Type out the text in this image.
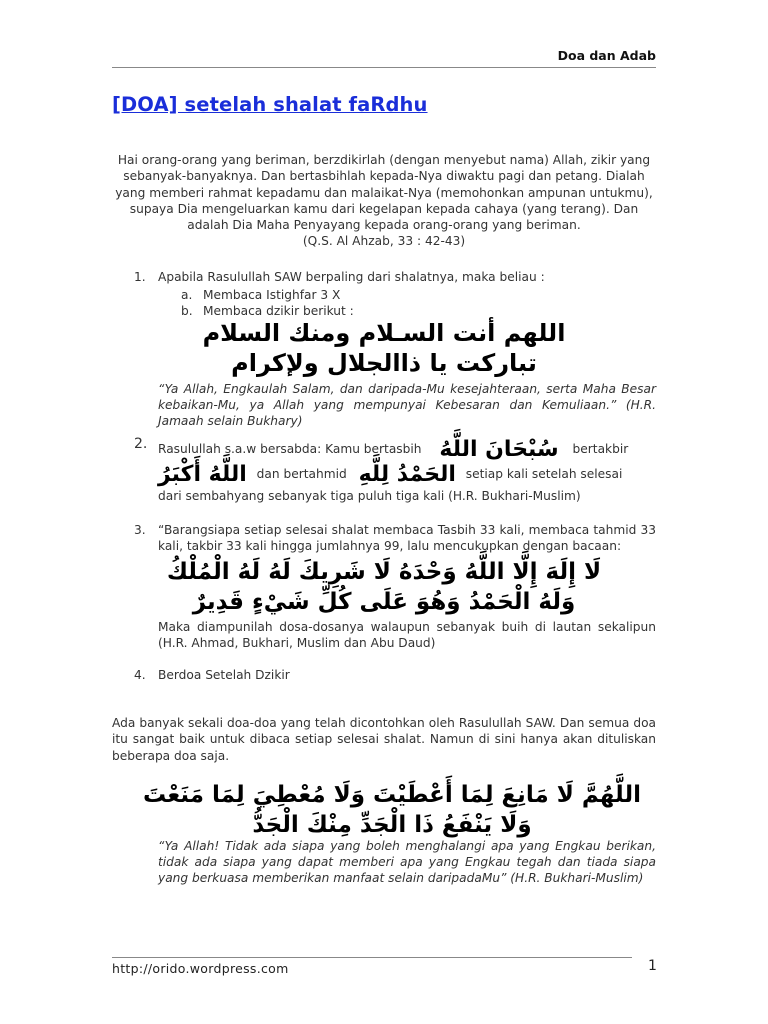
Doa dan Adab
[DOA] setelah shalat faRdhu

Hai orang-orang yang beriman, berzdikirlah (dengan menyebut nama) Allah, zikir yang

sebanyak-banyaknya. Dan bertasbihlah kepada-Nya diwaktu pagi dan petang. Dialah

yang memberi rahmat kepadamu dan malaikat-Nya (memohonkan ampunan untukmu),

supaya Dia mengeluarkan kamu dari kegelapan kepada cahaya (yang terang). Dan

adalah Dia Maha Penyayang kepada orang-orang yang beriman.

(Q.S. Al Ahzab, 33 : 42-43)

1. Apabila Rasulullah SAW berpaling dari shalatnya, maka beliau :
a. Membaca Istighfar 3 X
b. Membaca dzikir berikut :
اللهم أنت السـلام ومنك السلام
تباركت يا ذاالجلال ولإكرام
“Ya Allah, Engkaulah Salam, dan daripada-Mu kesejahteraan, serta Maha Besar kebaikan-Mu, ya Allah yang mempunyai Kebesaran dan Kemuliaan.” (H.R. Jamaah selain Bukhary)
2. Rasulullah s.a.w bersabda: Kamu bertasbih سُبْحَانَ اللَّهُ bertakbir
اللَّهُ أَكْبَرُ dan bertahmid الحَمْدُ لِلَّهِ setiap kali setelah selesai
dari sembahyang sebanyak tiga puluh tiga kali (H.R. Bukhari-Muslim)
3. “Barangsiapa setiap selesai shalat membaca Tasbih 33 kali, membaca tahmid 33 kali, takbir 33 kali hingga jumlahnya 99, lalu mencukupkan dengan bacaan:
لَا إِلَهَ إِلَّا اللَّهُ وَحْدَهُ لَا شَرِيكَ لَهُ لَهُ الْمُلْكُ
وَلَهُ الْحَمْدُ وَهُوَ عَلَى كُلِّ شَيْءٍ قَدِيرٌ
Maka diampunilah dosa-dosanya walaupun sebanyak buih di lautan sekalipun (H.R. Ahmad, Bukhari, Muslim dan Abu Daud)
4. Berdoa Setelah Dzikir
Ada banyak sekali doa-doa yang telah dicontohkan oleh Rasulullah SAW. Dan semua doa itu sangat baik untuk dibaca setiap selesai shalat. Namun di sini hanya akan dituliskan beberapa doa saja.
اللَّهُمَّ لَا مَانِعَ لِمَا أَعْطَيْتَ وَلَا مُعْطِيَ لِمَا مَنَعْتَ
وَلَا يَنْفَعُ ذَا الْجَدِّ مِنْكَ الْجَدُّ
“Ya Allah! Tidak ada siapa yang boleh menghalangi apa yang Engkau berikan, tidak ada siapa yang dapat memberi apa yang Engkau tegah dan tiada siapa yang berkuasa memberikan manfaat selain daripadaMu” (H.R. Bukhari-Muslim)
http://orido.wordpress.com	1
